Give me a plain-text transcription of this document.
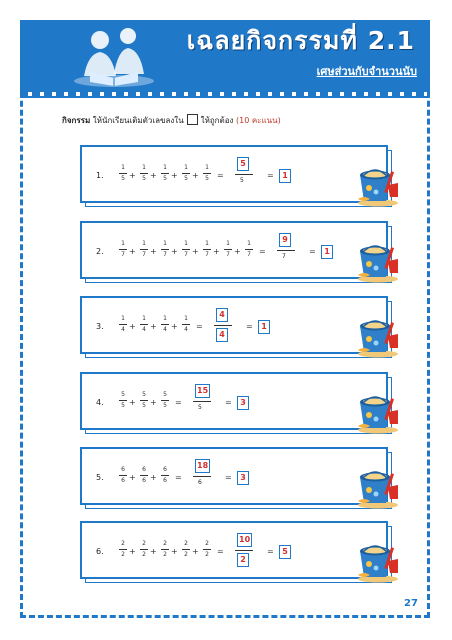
เฉลยกิจกรรมที่ 2.1
เศษส่วนกับจำนวนนับ
กิจกรรม ให้นักเรียนเติมตัวเลขลงใน ให้ถูกต้อง (10 คะแนน)
1.
1
5 +
1
5 +
1
5 +
1
5 +
1
5 =
5
5
=	1
2.
1
7 +
1
7 +
1
7 +
1
7 +
1
7 +
1
7 +
1
7 =
9
7
=	1
3.
1
4 +
1
4 +
1
4 +
1
4 =
4
4
=	1
4.
5
5 +
5
5 +
5
5 =
15
5
=	3
5.
6
6 +
6
6 +
6
6 =
18
6
=	3
6.
2
2 +
2
2 +
2
2 +
2
2 +
2
2 =
10
2
=	5
27
